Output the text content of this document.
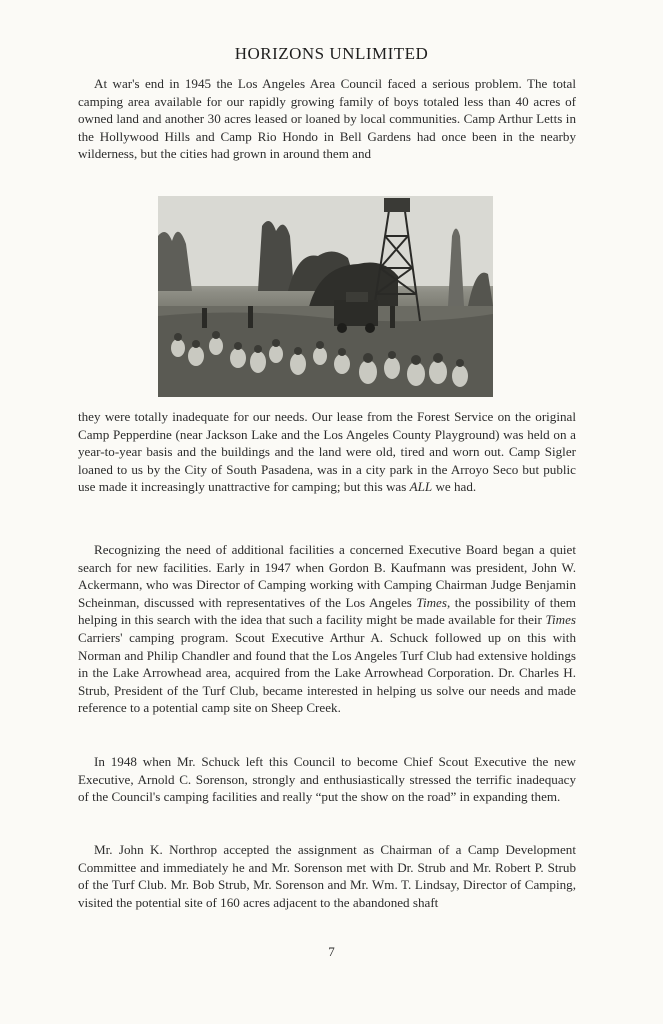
HORIZONS UNLIMITED

At war's end in 1945 the Los Angeles Area Council faced a serious problem. The total camping area available for our rapidly growing family of boys totaled less than 40 acres of owned land and another 30 acres leased or loaned by local communities. Camp Arthur Letts in the Hollywood Hills and Camp Rio Hondo in Bell Gardens had once been in the nearby wilderness, but the cities had grown in around them and

they were totally inadequate for our needs. Our lease from the Forest Service on the original Camp Pepperdine (near Jackson Lake and the Los Angeles County Playground) was held on a year-to-year basis and the buildings and the land were old, tired and worn out. Camp Sigler loaned to us by the City of South Pasadena, was in a city park in the Arroyo Seco but public use made it increasingly unattractive for camping; but this was ALL we had.

Recognizing the need of additional facilities a concerned Executive Board began a quiet search for new facilities. Early in 1947 when Gordon B. Kaufmann was president, John W. Ackermann, who was Director of Camping working with Camping Chairman Judge Benjamin Scheinman, discussed with representatives of the Los Angeles Times, the possibility of them helping in this search with the idea that such a facility might be made available for their Times Carriers' camping program. Scout Executive Arthur A. Schuck followed up on this with Norman and Philip Chandler and found that the Los Angeles Turf Club had extensive holdings in the Lake Arrowhead area, acquired from the Lake Arrowhead Corporation. Dr. Charles H. Strub, President of the Turf Club, became interested in helping us solve our needs and made reference to a potential camp site on Sheep Creek.

In 1948 when Mr. Schuck left this Council to become Chief Scout Executive the new Executive, Arnold C. Sorenson, strongly and enthusiastically stressed the terrific inadequacy of the Council's camping facilities and really “put the show on the road” in expanding them.

Mr. John K. Northrop accepted the assignment as Chairman of a Camp Development Committee and immediately he and Mr. Sorenson met with Dr. Strub and Mr. Robert P. Strub of the Turf Club. Mr. Bob Strub, Mr. Sorenson and Mr. Wm. T. Lindsay, Director of Camping, visited the potential site of 160 acres adjacent to the abandoned shaft

7
